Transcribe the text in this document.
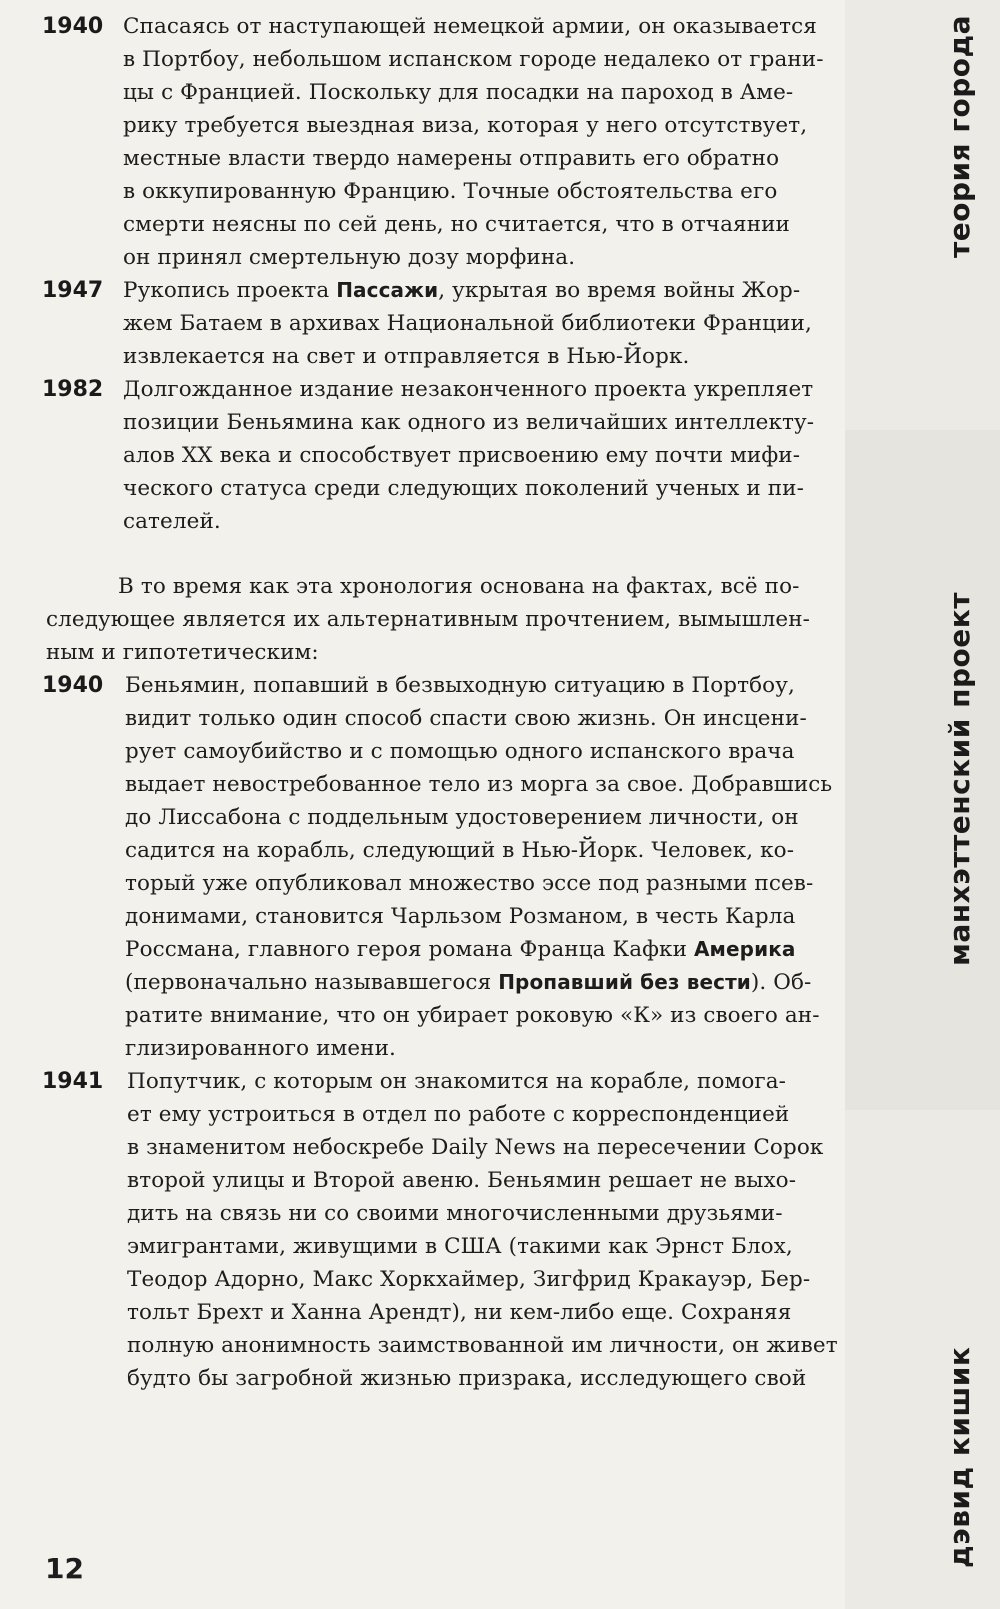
1940 Спасаясь от наступающей немецкой армии, он оказывается
в Портбоу, небольшом испанском городе недалеко от грани-
цы с Францией. Поскольку для посадки на пароход в Аме-
рику требуется выездная виза, которая у него отсутствует,
местные власти твердо намерены отправить его обратно
в оккупированную Францию. Точные обстоятельства его
смерти неясны по сей день, но считается, что в отчаянии
он принял смертельную дозу морфина.
1947 Рукопись проекта Пассажи, укрытая во время войны Жор-
жем Батаем в архивах Национальной библиотеки Франции,
извлекается на свет и отправляется в Нью-Йорк.
1982 Долгожданное издание незаконченного проекта укрепляет
позиции Беньямина как одного из величайших интеллекту-
алов XX века и способствует присвоению ему почти мифи-
ческого статуса среди следующих поколений ученых и пи-
сателей.
В то время как эта хронология основана на фактах, всё по-
следующее является их альтернативным прочтением, вымышлен-
ным и гипотетическим:
1940 Беньямин, попавший в безвыходную ситуацию в Портбоу,
видит только один способ спасти свою жизнь. Он инсцени-
рует самоубийство и с помощью одного испанского врача
выдает невостребованное тело из морга за свое. Добравшись
до Лиссабона с поддельным удостоверением личности, он
садится на корабль, следующий в Нью-Йорк. Человек, ко-
торый уже опубликовал множество эссе под разными псев-
донимами, становится Чарльзом Розманом, в честь Карла
Россмана, главного героя романа Франца Кафки Америка
(первоначально называвшегося Пропавший без вести). Об-
ратите внимание, что он убирает роковую «К» из своего ан-
глизированного имени.
1941 Попутчик, с которым он знакомится на корабле, помога-
ет ему устроиться в отдел по работе с корреспонденцией
в знаменитом небоскребе Daily News на пересечении Сорок
второй улицы и Второй авеню. Беньямин решает не выхо-
дить на связь ни со своими многочисленными друзьями-
эмигрантами, живущими в США (такими как Эрнст Блох,
Теодор Адорно, Макс Хоркхаймер, Зигфрид Кракауэр, Бер-
тольт Брехт и Ханна Арендт), ни кем-либо еще. Сохраняя
полную анонимность заимствованной им личности, он живет
будто бы загробной жизнью призрака, исследующего свой
теория города
манхэттенский проект
дэвид кишик
12
